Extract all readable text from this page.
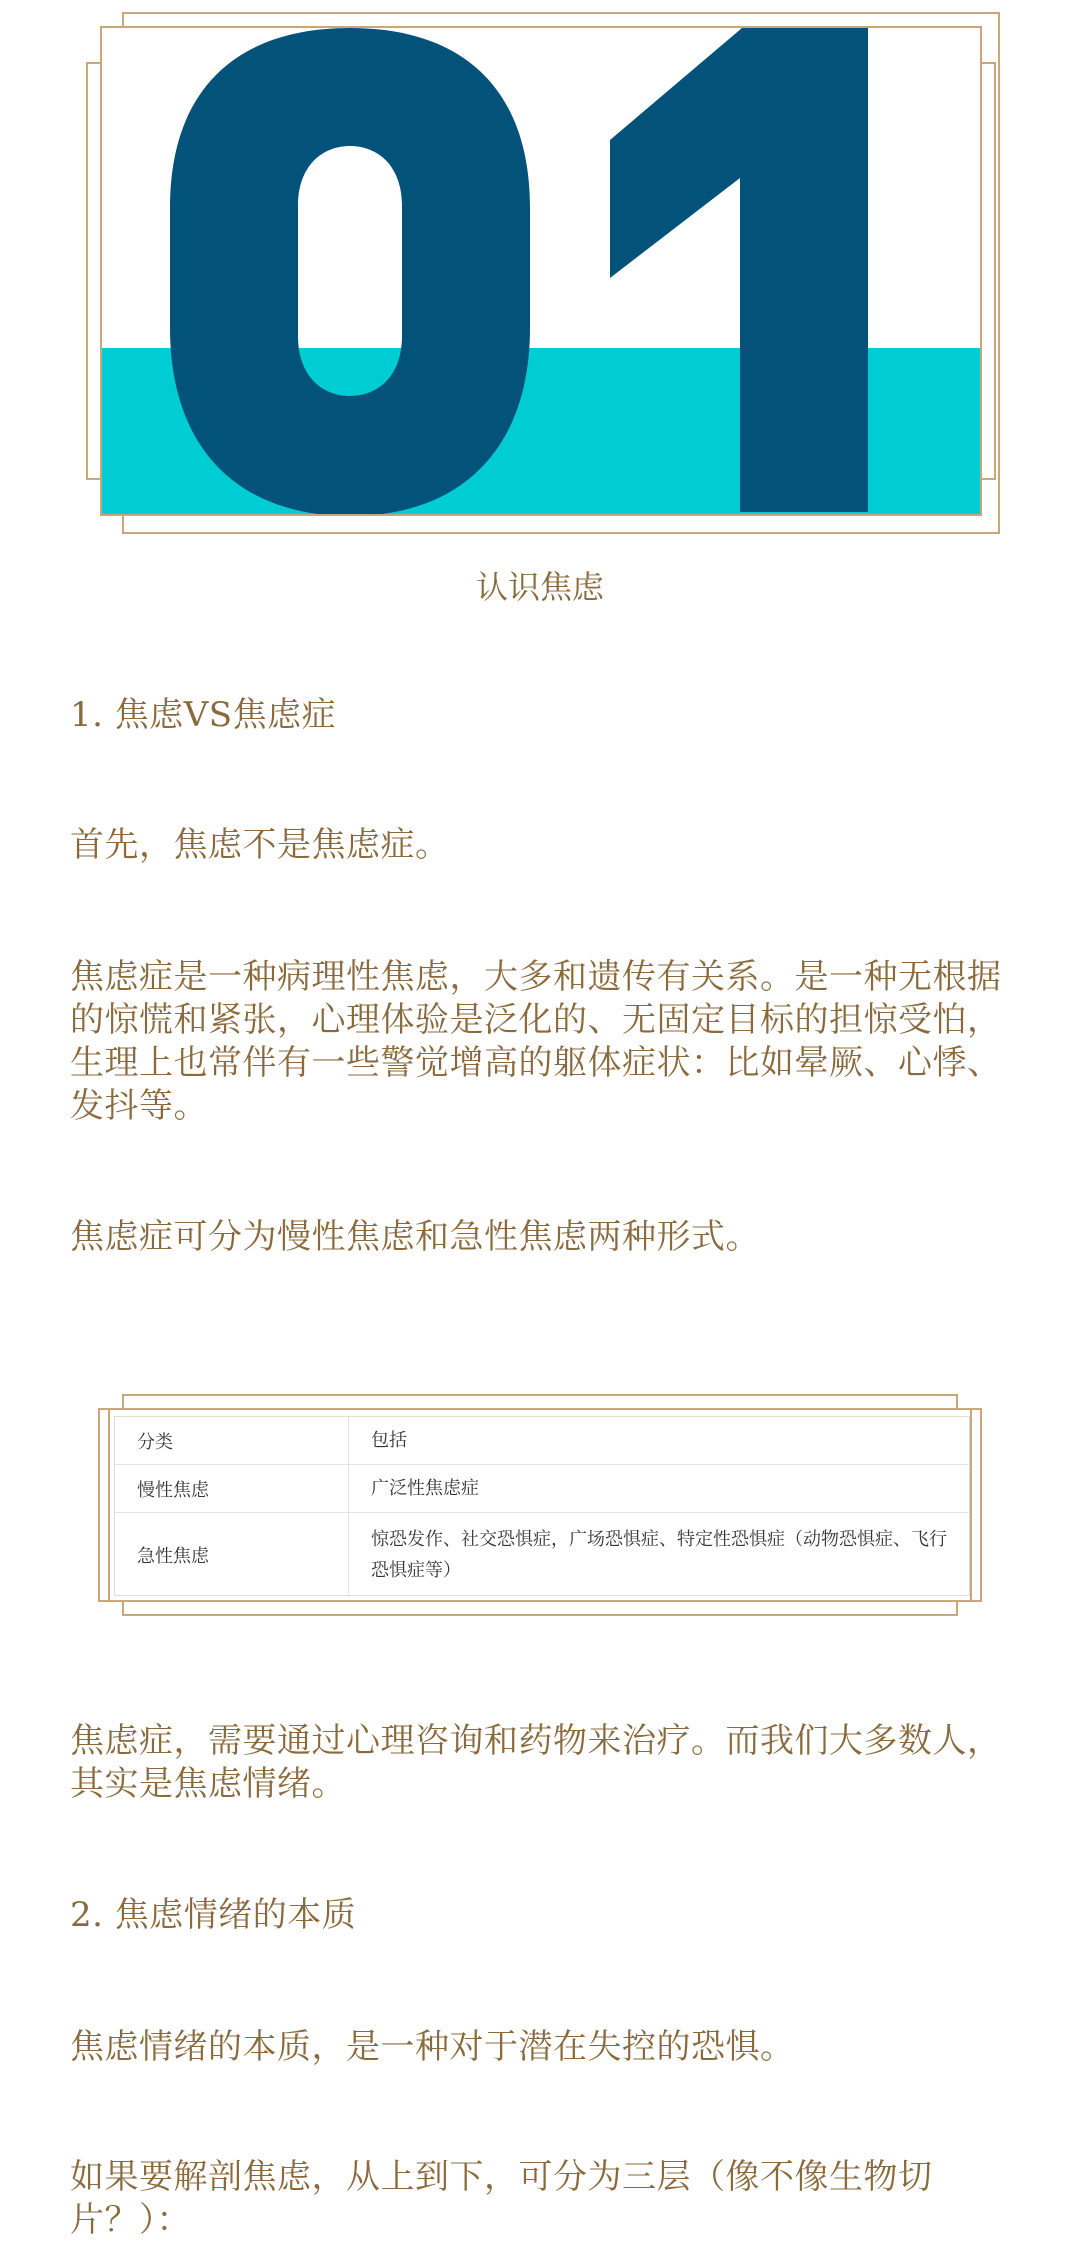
认识焦虑
1. 焦虑VS焦虑症
首先，焦虑不是焦虑症。
焦虑症是一种病理性焦虑，大多和遗传有关系。是一种无根据的惊慌和紧张，心理体验是泛化的、无固定目标的担惊受怕，生理上也常伴有一些警觉增高的躯体症状：比如晕厥、心悸、发抖等。
焦虑症可分为慢性焦虑和急性焦虑两种形式。
分类	包括
慢性焦虑	广泛性焦虑症
急性焦虑
惊恐发作、社交恐惧症，广场恐惧症、特定性恐惧症（动物恐惧症、飞行恐惧症等）
焦虑症，需要通过心理咨询和药物来治疗。而我们大多数人，其实是焦虑情绪。
2. 焦虑情绪的本质
焦虑情绪的本质，是一种对于潜在失控的恐惧。
如果要解剖焦虑，从上到下，可分为三层（像不像生物切片？）：
